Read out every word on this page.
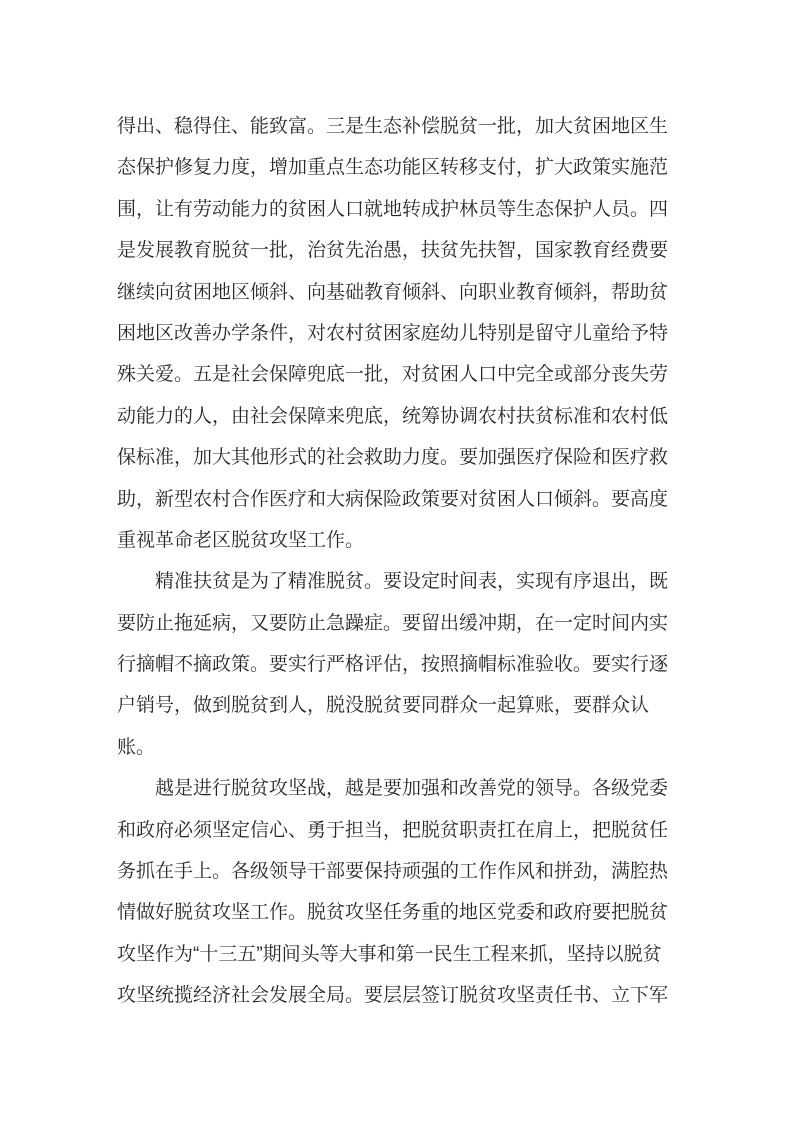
得出、稳得住、能致富。三是生态补偿脱贫一批，加大贫困地区生
态保护修复力度，增加重点生态功能区转移支付，扩大政策实施范
围，让有劳动能力的贫困人口就地转成护林员等生态保护人员。四
是发展教育脱贫一批，治贫先治愚，扶贫先扶智，国家教育经费要
继续向贫困地区倾斜、向基础教育倾斜、向职业教育倾斜，帮助贫
困地区改善办学条件，对农村贫困家庭幼儿特别是留守儿童给予特
殊关爱。五是社会保障兜底一批，对贫困人口中完全或部分丧失劳
动能力的人，由社会保障来兜底，统筹协调农村扶贫标准和农村低
保标准，加大其他形式的社会救助力度。要加强医疗保险和医疗救
助，新型农村合作医疗和大病保险政策要对贫困人口倾斜。要高度
重视革命老区脱贫攻坚工作。
精准扶贫是为了精准脱贫。要设定时间表，实现有序退出，既
要防止拖延病，又要防止急躁症。要留出缓冲期，在一定时间内实
行摘帽不摘政策。要实行严格评估，按照摘帽标准验收。要实行逐
户销号，做到脱贫到人，脱没脱贫要同群众一起算账，要群众认
账。
越是进行脱贫攻坚战，越是要加强和改善党的领导。各级党委
和政府必须坚定信心、勇于担当，把脱贫职责扛在肩上，把脱贫任
务抓在手上。各级领导干部要保持顽强的工作作风和拼劲，满腔热
情做好脱贫攻坚工作。脱贫攻坚任务重的地区党委和政府要把脱贫
攻坚作为“十三五”期间头等大事和第一民生工程来抓，坚持以脱贫
攻坚统揽经济社会发展全局。要层层签订脱贫攻坚责任书、立下军
